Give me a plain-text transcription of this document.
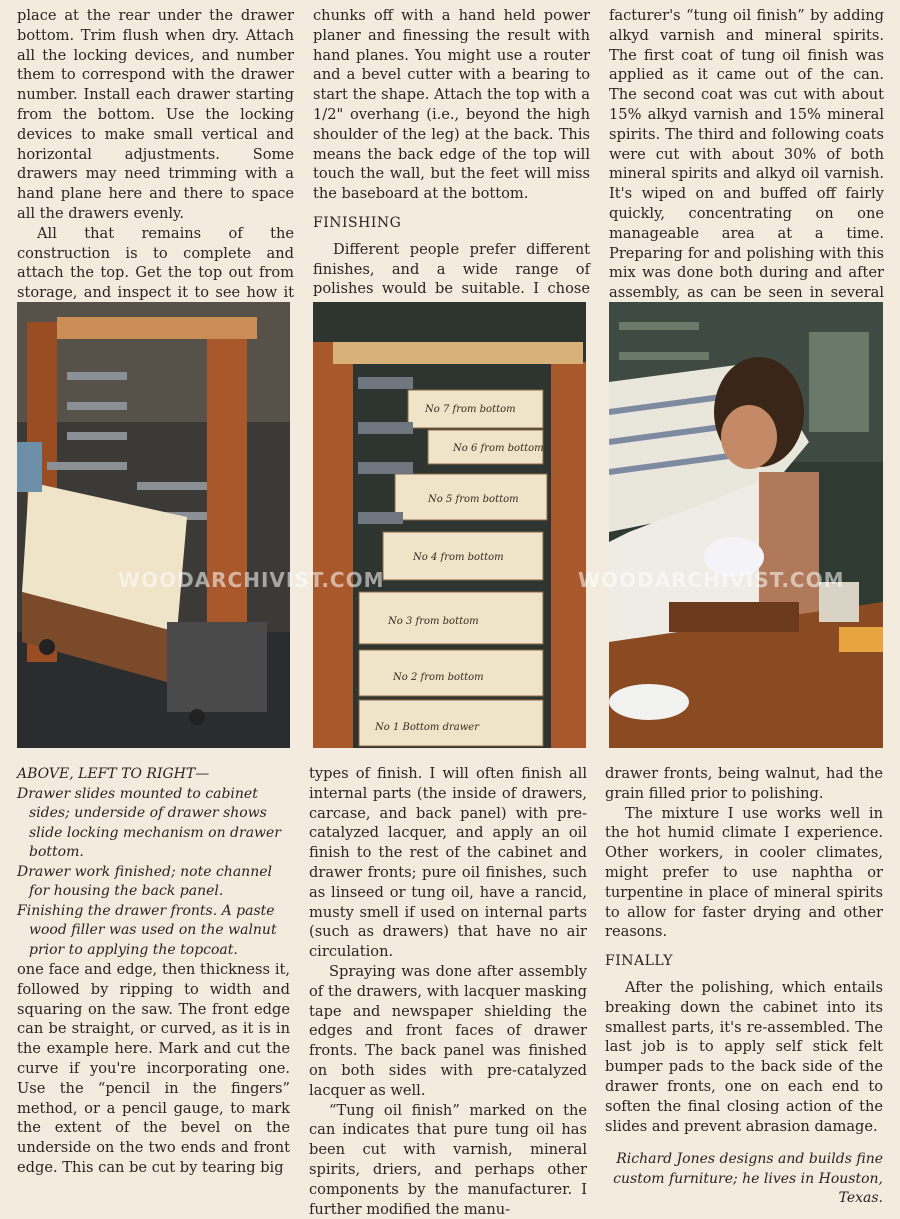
place at the rear under the drawer bottom. Trim flush when dry. Attach all the locking devices, and number them to correspond with the drawer number. Install each drawer starting from the bottom. Use the locking devices to make small vertical and horizontal adjustments. Some drawers may need trimming with a hand plane here and there to space all the drawers evenly.

All that remains of the construction is to complete and attach the top. Get the top out from storage, and inspect it to see how it

chunks off with a hand held power planer and finessing the result with hand planes. You might use a router and a bevel cutter with a bearing to start the shape. Attach the top with a 1/2" overhang (i.e., beyond the high shoulder of the leg) at the back. This means the back edge of the top will touch the wall, but the feet will miss the baseboard at the bottom.

FINISHING

Different people prefer different finishes, and a wide range of polishes would be suitable. I chose

facturer's “tung oil finish” by adding alkyd varnish and mineral spirits. The first coat of tung oil finish was applied as it came out of the can. The second coat was cut with about 15% alkyd varnish and 15% mineral spirits. The third and following coats were cut with about 30% of both mineral spirits and alkyd oil varnish. It's wiped on and buffed off fairly quickly, concentrating on one manageable area at a time. Preparing for and polishing with this mix was done both during and after assembly, as can be seen in several

No 7 from bottom
No 6 from bottom
No 5 from bottom
No 4 from bottom
No 3 from bottom
No 2 from bottom
No 1 Bottom drawer
WOODARCHIVIST.COM	WOODARCHIVIST.COM
ABOVE, LEFT TO RIGHT—
Drawer slides mounted to cabinet sides; underside of drawer shows slide locking mechanism on drawer bottom.
Drawer work finished; note channel for housing the back panel.
Finishing the drawer fronts. A paste wood filler was used on the walnut prior to applying the topcoat.

one face and edge, then thickness it, followed by ripping to width and squaring on the saw. The front edge can be straight, or curved, as it is in the example here. Mark and cut the curve if you're incorporating one. Use the “pencil in the fingers” method, or a pencil gauge, to mark the extent of the bevel on the underside on the two ends and front edge. This can be cut by tearing big

types of finish. I will often finish all internal parts (the inside of drawers, carcase, and back panel) with pre-catalyzed lacquer, and apply an oil finish to the rest of the cabinet and drawer fronts; pure oil finishes, such as linseed or tung oil, have a rancid, musty smell if used on internal parts (such as drawers) that have no air circulation.

Spraying was done after assembly of the drawers, with lacquer masking tape and newspaper shielding the edges and front faces of drawer fronts. The back panel was finished on both sides with pre-catalyzed lacquer as well.

“Tung oil finish” marked on the can indicates that pure tung oil has been cut with varnish, mineral spirits, driers, and perhaps other components by the manufacturer. I further modified the manu-

drawer fronts, being walnut, had the grain filled prior to polishing.

The mixture I use works well in the hot humid climate I experience. Other workers, in cooler climates, might prefer to use naphtha or turpentine in place of mineral spirits to allow for faster drying and other reasons.

FINALLY

After the polishing, which entails breaking down the cabinet into its smallest parts, it's re-assembled. The last job is to apply self stick felt bumper pads to the back side of the drawer fronts, one on each end to soften the final closing action of the slides and prevent abrasion damage.

Richard Jones designs and builds fine custom furniture; he lives in Houston, Texas.
